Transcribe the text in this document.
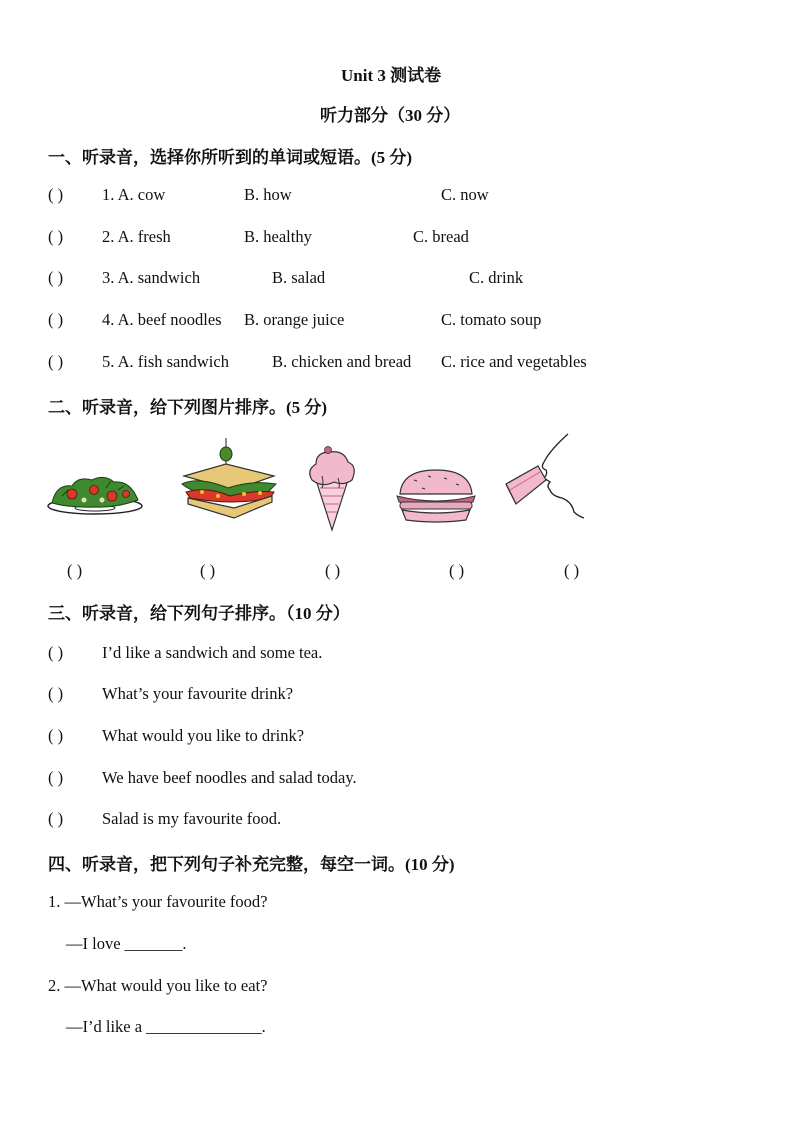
Unit 3 测试卷
听力部分（30 分）
一、听录音，选择你所听到的单词或短语。(5 分)
( ) 1. A. cow	B. how	C. now
( ) 2. A. fresh	B. healthy	C. bread
( ) 3. A. sandwich	B. salad	C. drink
( ) 4. A. beef noodles B. orange juice	C. tomato soup
( ) 5. A. fish sandwich	B. chicken and bread C. rice and vegetables
二、听录音，给下列图片排序。(5 分)
( )	( )	( )	( )	( )
三、听录音，给下列句子排序。（10 分）
( ) I’d like a sandwich and some tea.
( ) What’s your favourite drink?
( ) What would you like to drink?
( ) We have beef noodles and salad today.
( ) Salad is my favourite food.
四、听录音，把下列句子补充完整，每空一词。(10 分)
1. —What’s your favourite food?
—I love _______.
2. —What would you like to eat?
—I’d like a ______________.
